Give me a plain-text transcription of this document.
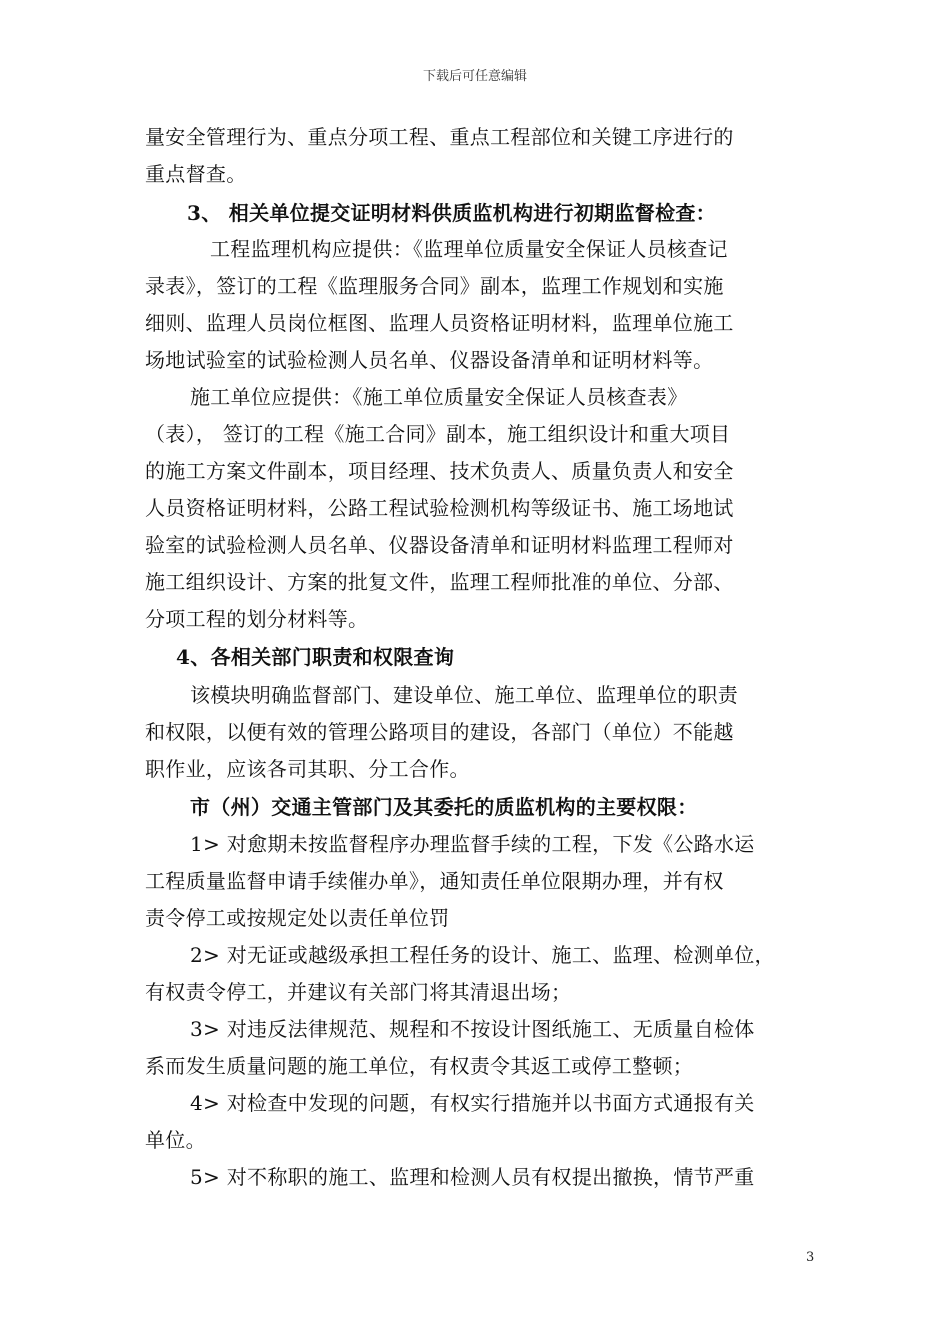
下载后可任意编辑
量安全管理行为、重点分项工程、重点工程部位和关键工序进行的
重点督查。
3、 相关单位提交证明材料供质监机构进行初期监督检查：
工程监理机构应提供：《监理单位质量安全保证人员核查记
录表》，签订的工程《监理服务合同》副本，监理工作规划和实施
细则、监理人员岗位框图、监理人员资格证明材料，监理单位施工
场地试验室的试验检测人员名单、仪器设备清单和证明材料等。
施工单位应提供：《施工单位质量安全保证人员核查表》
（表）， 签订的工程《施工合同》副本，施工组织设计和重大项目
的施工方案文件副本，项目经理、技术负责人、质量负责人和安全
人员资格证明材料，公路工程试验检测机构等级证书、施工场地试
验室的试验检测人员名单、仪器设备清单和证明材料监理工程师对
施工组织设计、方案的批复文件，监理工程师批准的单位、分部、
分项工程的划分材料等。
4、各相关部门职责和权限查询
该模块明确监督部门、建设单位、施工单位、监理单位的职责
和权限，以便有效的管理公路项目的建设，各部门（单位）不能越
职作业，应该各司其职、分工合作。
市（州）交通主管部门及其委托的质监机构的主要权限：
1> 对愈期未按监督程序办理监督手续的工程，下发《公路水运
工程质量监督申请手续催办单》，通知责任单位限期办理，并有权
责令停工或按规定处以责任单位罚
2> 对无证或越级承担工程任务的设计、施工、监理、检测单位，
有权责令停工，并建议有关部门将其清退出场；
3> 对违反法律规范、规程和不按设计图纸施工、无质量自检体
系而发生质量问题的施工单位，有权责令其返工或停工整顿；
4> 对检查中发现的问题，有权实行措施并以书面方式通报有关
单位。
5> 对不称职的施工、监理和检测人员有权提出撤换，情节严重
3
